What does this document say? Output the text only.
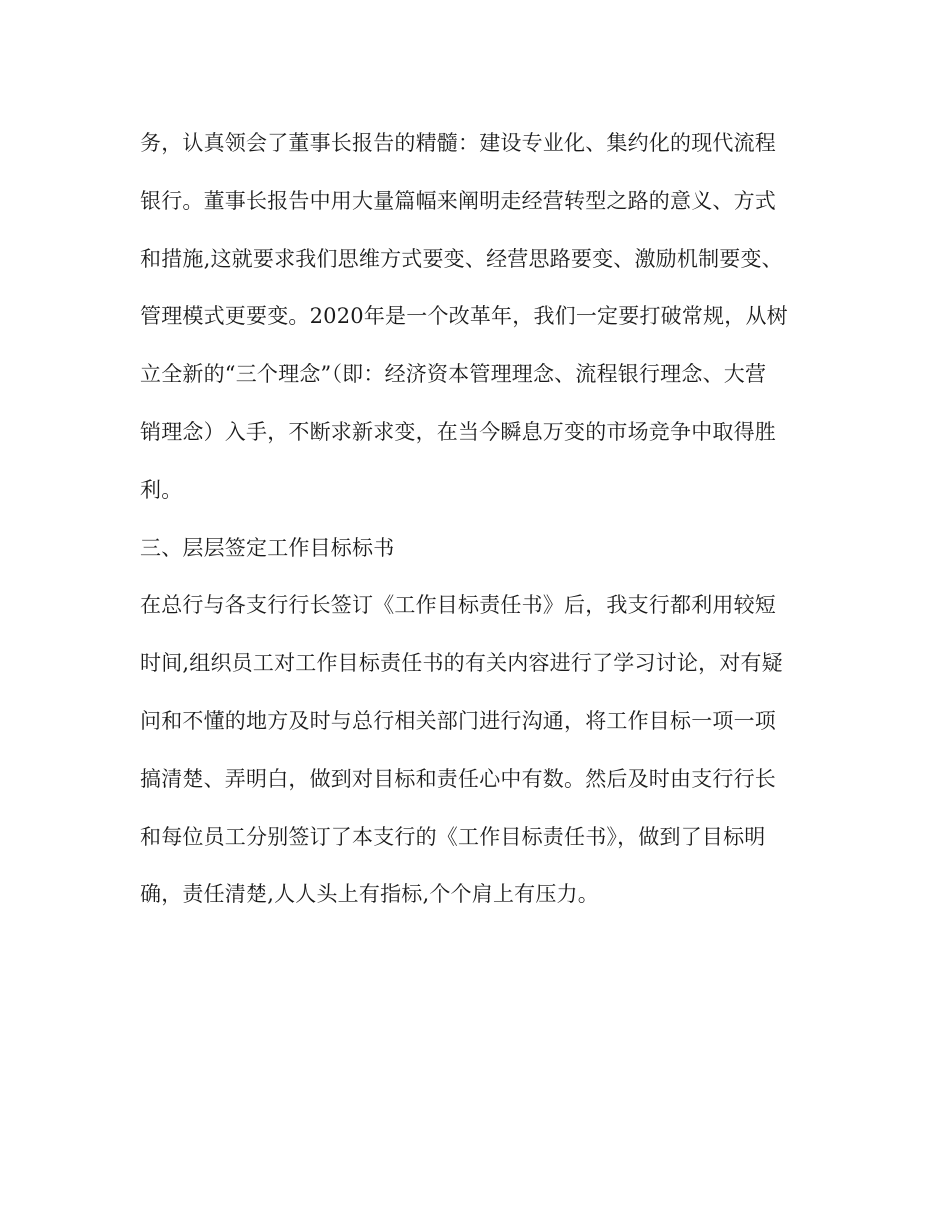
务，认真领会了董事长报告的精髓：建设专业化、集约化的现代流程
银行。董事长报告中用大量篇幅来阐明走经营转型之路的意义、方式
和措施,这就要求我们思维方式要变、经营思路要变、激励机制要变、
管理模式更要变。2020年是一个改革年，我们一定要打破常规，从树
立全新的“三个理念”（即：经济资本管理理念、流程银行理念、大营
销理念）入手，不断求新求变，在当今瞬息万变的市场竞争中取得胜
利。
三、层层签定工作目标标书
在总行与各支行行长签订《工作目标责任书》后，我支行都利用较短
时间,组织员工对工作目标责任书的有关内容进行了学习讨论，对有疑
问和不懂的地方及时与总行相关部门进行沟通，将工作目标一项一项
搞清楚、弄明白，做到对目标和责任心中有数。然后及时由支行行长
和每位员工分别签订了本支行的《工作目标责任书》，做到了目标明
确，责任清楚,人人头上有指标,个个肩上有压力。
